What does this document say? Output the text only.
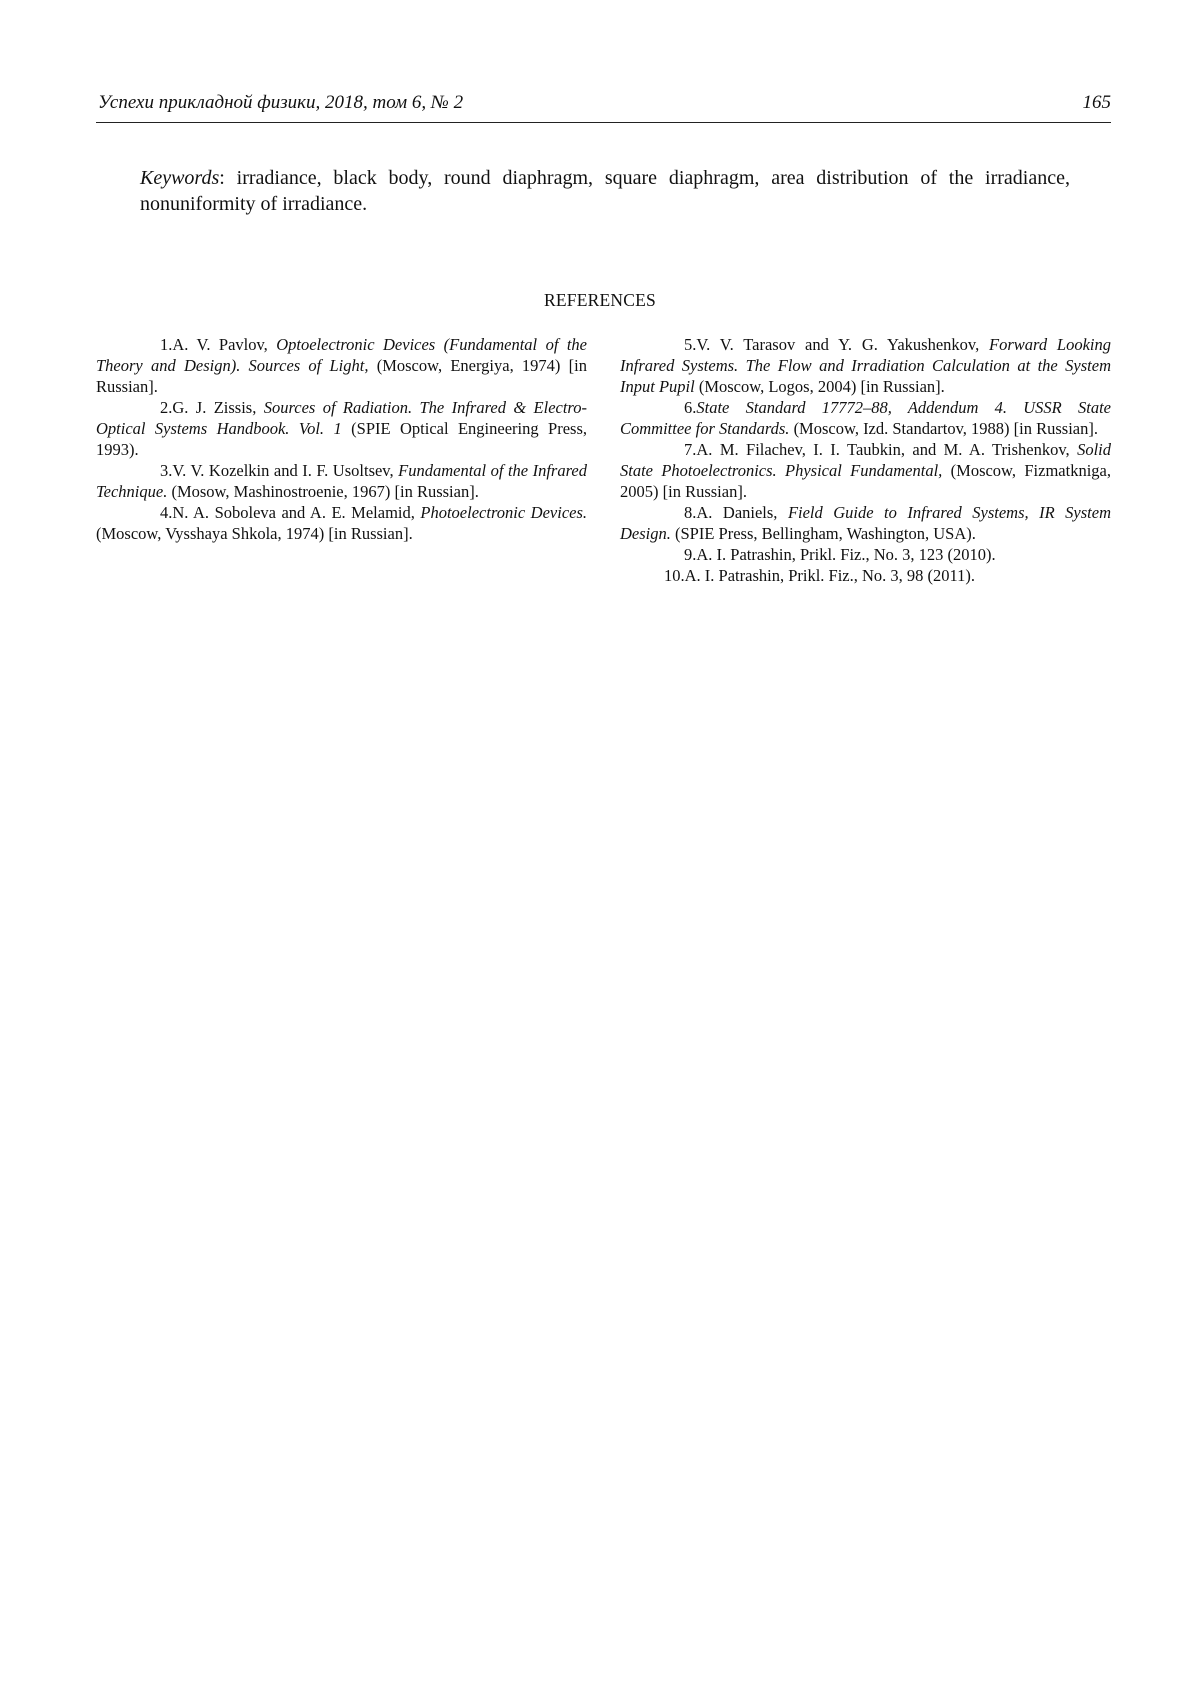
Успехи прикладной физики, 2018, том 6, № 2	165

Keywords: irradiance, black body, round diaphragm, square diaphragm, area distribution of the irradiance, nonuniformity of irradiance.

REFERENCES

1.A. V. Pavlov, Optoelectronic Devices (Fundamental of the Theory and Design). Sources of Light, (Moscow, Energiya, 1974) [in Russian].

2.G. J. Zissis, Sources of Radiation. The Infrared & Electro-Optical Systems Handbook. Vol. 1 (SPIE Optical Engineering Press, 1993).

3.V. V. Kozelkin and I. F. Usoltsev, Fundamental of the Infrared Technique. (Mosow, Mashinostroenie, 1967) [in Russian].

4.N. A. Soboleva and A. E. Melamid, Photoelectronic Devices. (Moscow, Vysshaya Shkola, 1974) [in Russian].

5.V. V. Tarasov and Y. G. Yakushenkov, Forward Looking Infrared Systems. The Flow and Irradiation Calculation at the System Input Pupil (Moscow, Logos, 2004) [in Russian].

6.State Standard 17772–88, Addendum 4. USSR State Committee for Standards. (Moscow, Izd. Standartov, 1988) [in Russian].

7.A. M. Filachev, I. I. Taubkin, and M. A. Trishenkov, Solid State Photoelectronics. Physical Fundamental, (Moscow, Fizmatkniga, 2005) [in Russian].

8.A. Daniels, Field Guide to Infrared Systems, IR System Design. (SPIE Press, Bellingham, Washington, USA).

9.A. I. Patrashin, Prikl. Fiz., No. 3, 123 (2010).

10.A. I. Patrashin, Prikl. Fiz., No. 3, 98 (2011).
